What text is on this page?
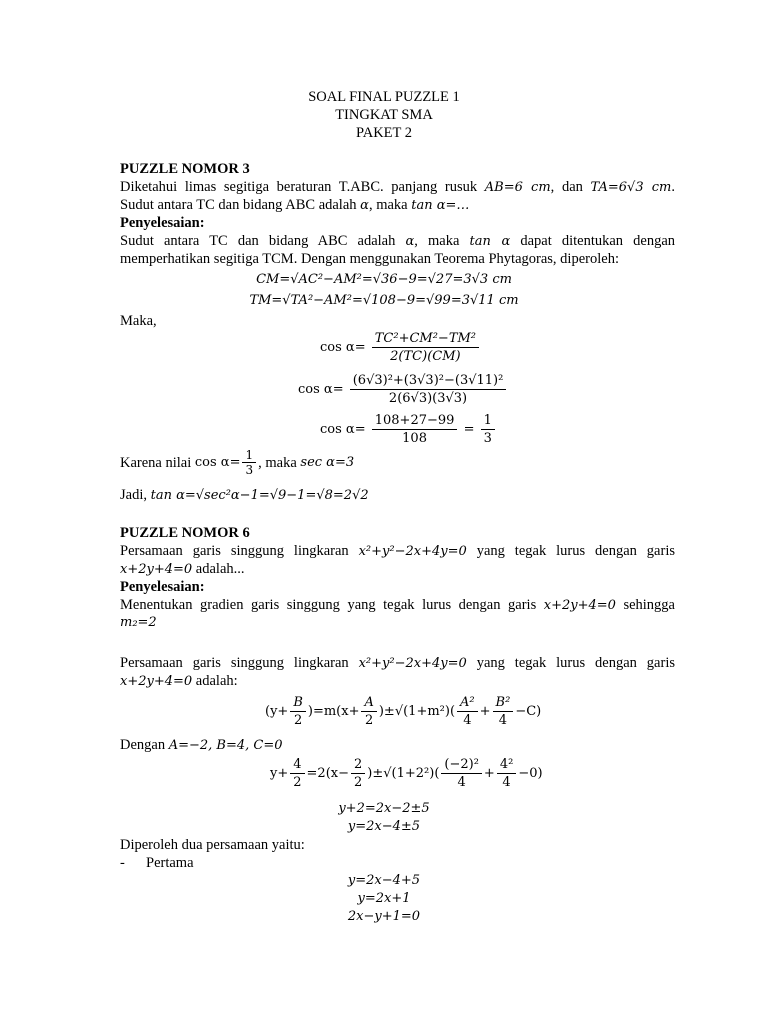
SOAL FINAL PUZZLE 1
TINGKAT SMA
PAKET 2
PUZZLE NOMOR 3
Diketahui limas segitiga beraturan T.ABC. panjang rusuk AB=6 cm, dan TA=6√3 cm.
Sudut antara TC dan bidang ABC adalah α, maka tan α=…
Penyelesaian:
Sudut antara TC dan bidang ABC adalah α, maka tan α dapat ditentukan dengan
memperhatikan segitiga TCM. Dengan menggunakan Teorema Phytagoras, diperoleh:
CM=√AC²−AM²=√36−9=√27=3√3 cm
TM=√TA²−AM²=√108−9=√99=3√11 cm
Maka,
$\cos \alpha= \frac{\text{TC²+CM²−TM²}}{2(TC)(CM)}$
$\cos \alpha= \frac{\text{(6√3)²+(3√3)²−(3√11)²}}{2(6√3)(3√3)}$
$\cos \alpha= \frac{108+27-99}{108} = \frac{1}{3}$
Karena nilai $\cos \alpha= \frac{1}{3}$ , maka sec α=3
Jadi, tan α=√sec²α−1=√9−1=√8=2√2
PUZZLE NOMOR 6
Persamaan garis singgung lingkaran x²+y²−2x+4y=0 yang tegak lurus dengan garis
x+2y+4=0 adalah...
Penyelesaian:
Menentukan gradien garis singgung yang tegak lurus dengan garis x+2y+4=0 sehingga
m₂=2
Persamaan garis singgung lingkaran x²+y²−2x+4y=0 yang tegak lurus dengan garis
x+2y+4=0 adalah:
$(y+ \frac{B}{2} )=m(x+ \frac{A}{2} )\pm√(1+m^2)( \frac{\text{A²}}{4} + \frac{\text{B²}}{4} -C)$
Dengan A=−2, B=4, C=0
$y+ \frac{4}{2} =2(x- \frac{2}{2} )\pm√(1+2^2)( \frac{\text{(−2)²}}{4} + \frac{\text{4²}}{4} -0)$
y+2=2x−2±5
y=2x−4±5
Diperoleh dua persamaan yaitu:
- Pertama
y=2x−4+5
y=2x+1
2x−y+1=0
